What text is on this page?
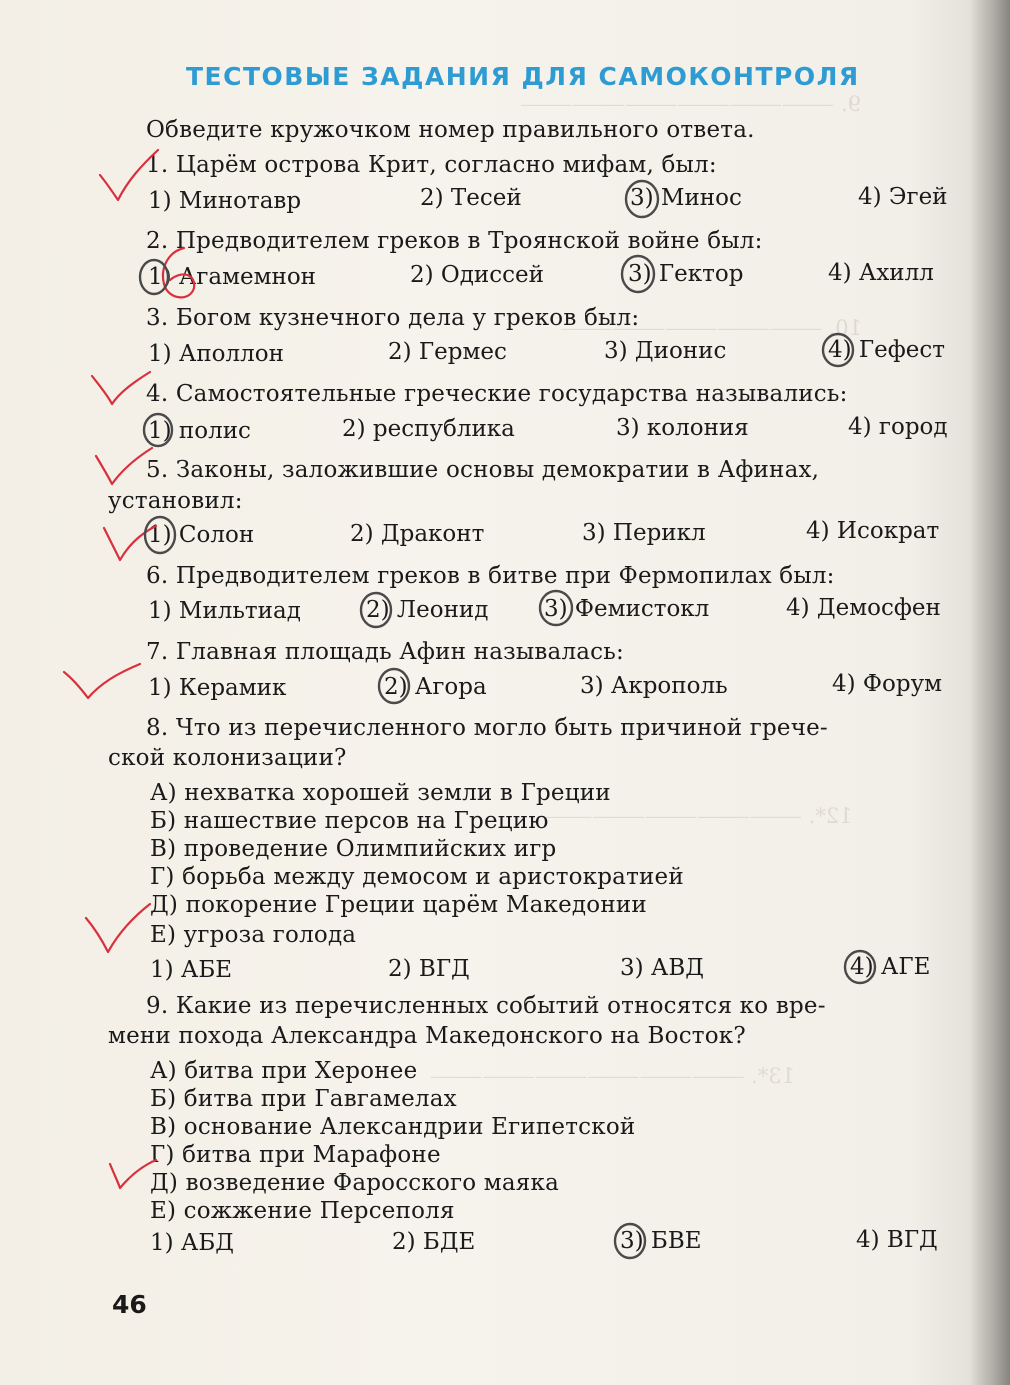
9. ⸻⸻⸻⸻⸻⸻
10. ⸻⸻⸻⸻⸻
12*. ⸻⸻⸻⸻⸻
13*. ⸻⸻⸻⸻⸻⸻
ТЕСТОВЫЕ ЗАДАНИЯ ДЛЯ САМОКОНТРОЛЯ
Обведите кружочком номер правильного ответа.
1. Царём острова Крит, согласно мифам, был:
1) Минотавр	2) Тесей	3) Минос	4) Эгей
2. Предводителем греков в Троянской войне был:
1) Агамемнон	2) Одиссей	3) Гектор	4) Ахилл
3. Богом кузнечного дела у греков был:
1) Аполлон	2) Гермес	3) Дионис	4) Гефест
4. Самостоятельные греческие государства назывались:
1) полис	2) республика	3) колония	4) город
5. Законы, заложившие основы демократии в Афинах,
установил:
1) Солон	2) Драконт	3) Перикл	4) Исократ
6. Предводителем греков в битве при Фермопилах был:
1) Мильтиад	2) Леонид 3) Фемистокл	4) Демосфен
7. Главная площадь Афин называлась:
1) Керамик	2) Агора	3) Акрополь	4) Форум
8. Что из перечисленного могло быть причиной грече-
ской колонизации?
А) нехватка хорошей земли в Греции
Б) нашествие персов на Грецию
В) проведение Олимпийских игр
Г) борьба между демосом и аристократией
Д) покорение Греции царём Македонии
Е) угроза голода
1) АБЕ	2) ВГД	3) АВД	4) АГЕ
9. Какие из перечисленных событий относятся ко вре-
мени похода Александра Македонского на Восток?
А) битва при Херонее
Б) битва при Гавгамелах
В) основание Александрии Египетской
Г) битва при Марафоне
Д) возведение Фаросского маяка
Е) сожжение Персеполя
1) АБД	2) БДЕ	3) БВЕ	4) ВГД
46
